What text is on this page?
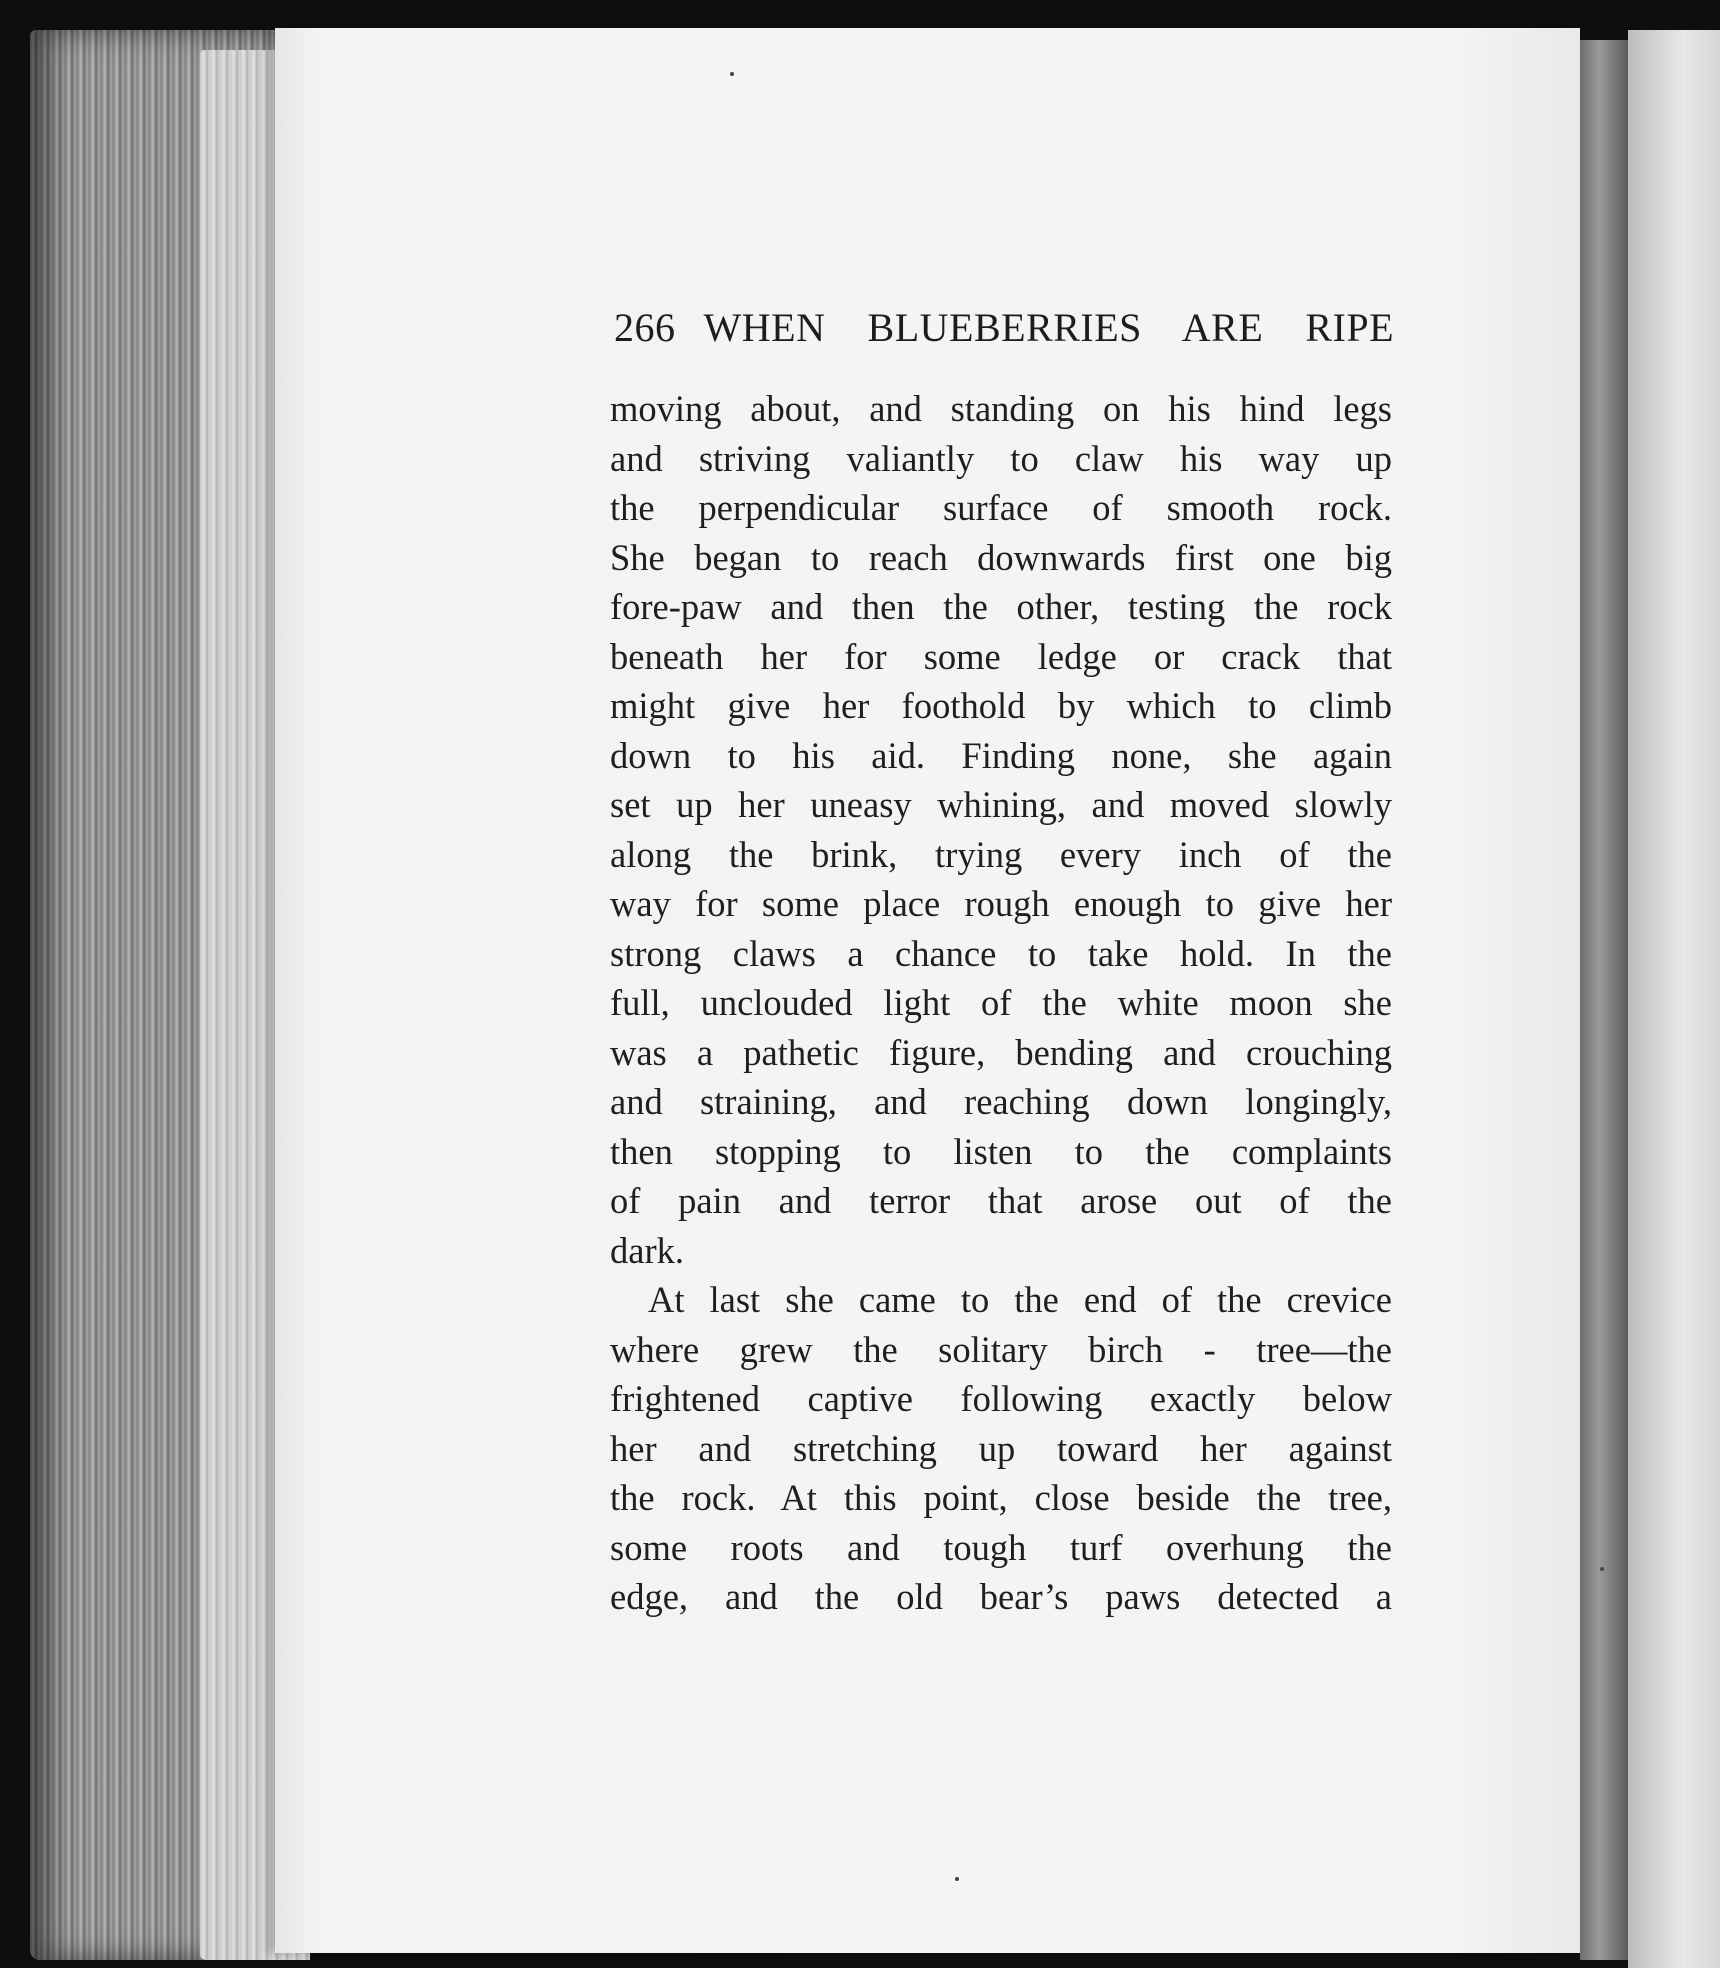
266 WHEN BLUEBERRIES ARE RIPE
moving about, and standing on his hind legs
and striving valiantly to claw his way up
the perpendicular surface of smooth rock.
She began to reach downwards first one big
fore-paw and then the other, testing the rock
beneath her for some ledge or crack that
might give her foothold by which to climb
down to his aid. Finding none, she again
set up her uneasy whining, and moved slowly
along the brink, trying every inch of the
way for some place rough enough to give her
strong claws a chance to take hold. In the
full, unclouded light of the white moon she
was a pathetic figure, bending and crouching
and straining, and reaching down longingly,
then stopping to listen to the complaints
of pain and terror that arose out of the
dark.
At last she came to the end of the crevice
where grew the solitary birch - tree—the
frightened captive following exactly below
her and stretching up toward her against
the rock. At this point, close beside the tree,
some roots and tough turf overhung the
edge, and the old bear’s paws detected a
